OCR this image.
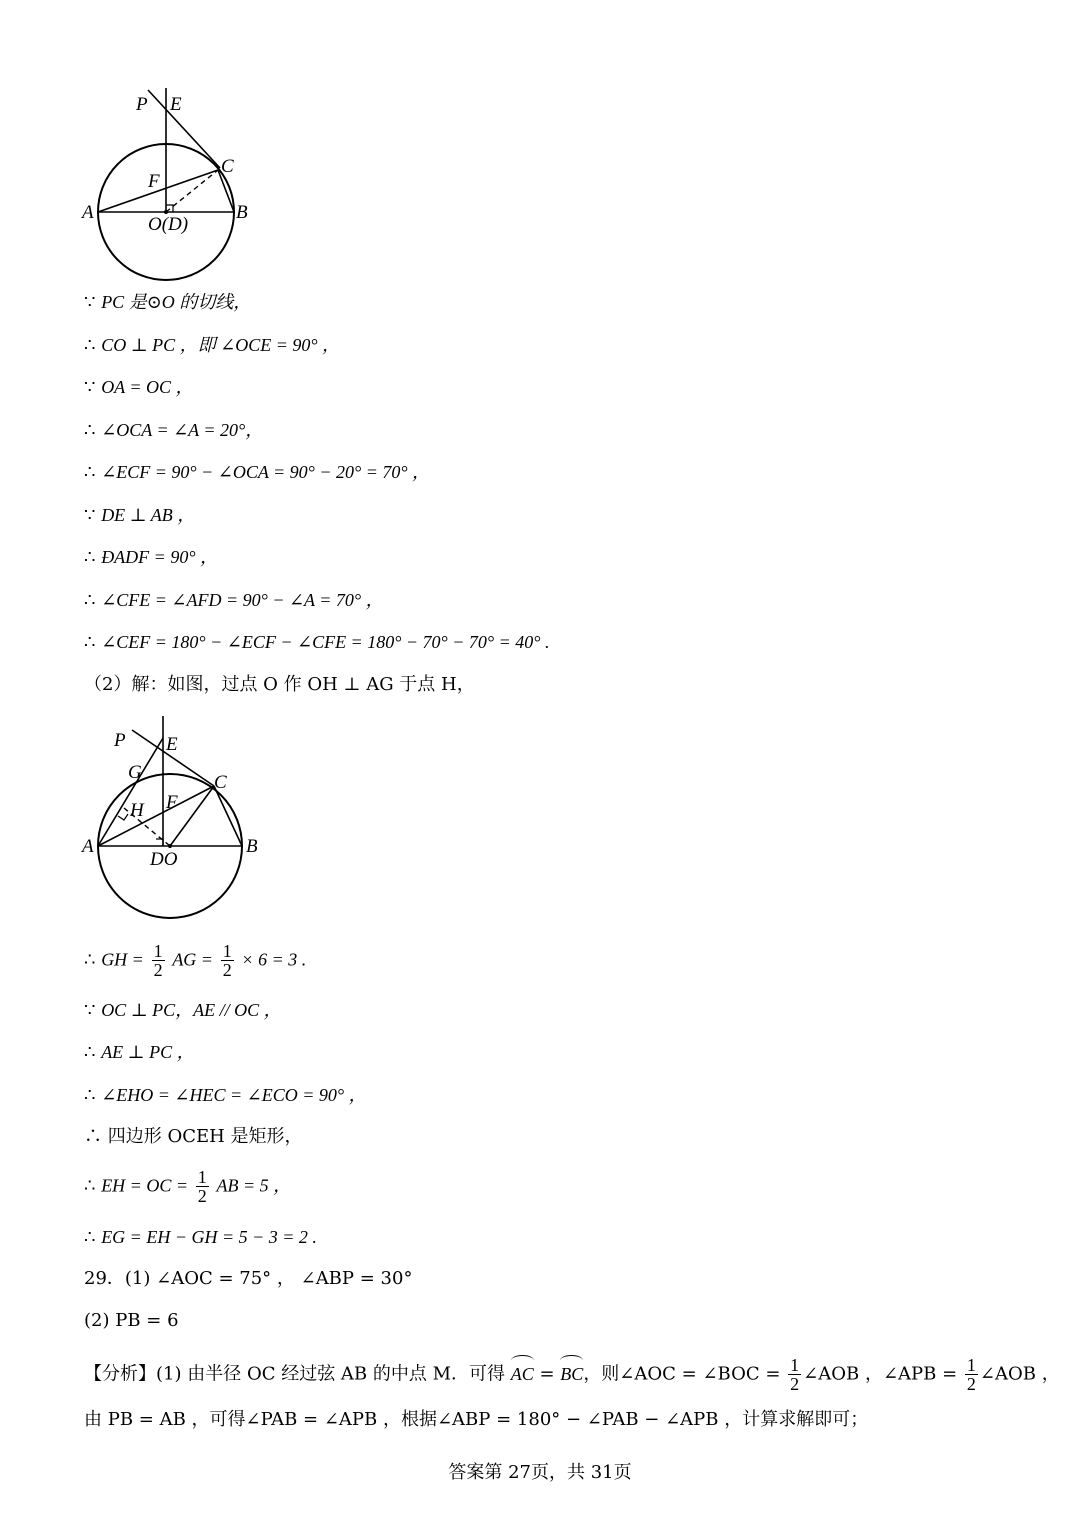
P E
C
F
A	B
O(D)
∵ PC 是⊙O 的切线，
∴ CO ⊥ PC ，即 ∠OCE = 90° ，
∵ OA = OC ，
∴ ∠OCA = ∠A = 20°，
∴ ∠ECF = 90° − ∠OCA = 90° − 20° = 70° ，
∵ DE ⊥ AB ，
∴ ÐADF = 90° ，
∴ ∠CFE = ∠AFD = 90° − ∠A = 70° ，
∴ ∠CEF = 180° − ∠ECF − ∠CFE = 180° − 70° − 70° = 40° .
（2）解：如图，过点 O 作 OH ⊥ AG 于点 H，
P E
G	C
H F
A
DO
B
∴ GH = $\frac{1}{2}$ AG = $\frac{1}{2} \times 6 = 3$ .
∵ OC ⊥ PC，AE // OC ，
∴ AE ⊥ PC ，
∴ ∠EHO = ∠HEC = ∠ECO = 90° ，
∴ 四边形 OCEH 是矩形，
∴ EH = OC = $\frac{1}{2}$ AB = 5 ，
∴ EG = EH − GH = 5 − 3 = 2 .
29．(1) ∠AOC = 75° ， ∠ABP = 30°
(2) PB = 6
【分析】(1) 由半径 OC 经过弦 AB 的中点 M．可得 AC = BC，则∠AOC = ∠BOC = $\frac{1}{2}$ ∠AOB ，∠APB = $\frac{1}{2}$ ∠AOB ，
由 PB = AB ，可得∠PAB = ∠APB ，根据∠ABP = 180° − ∠PAB − ∠APB ，计算求解即可；
答案第 27页，共 31页
